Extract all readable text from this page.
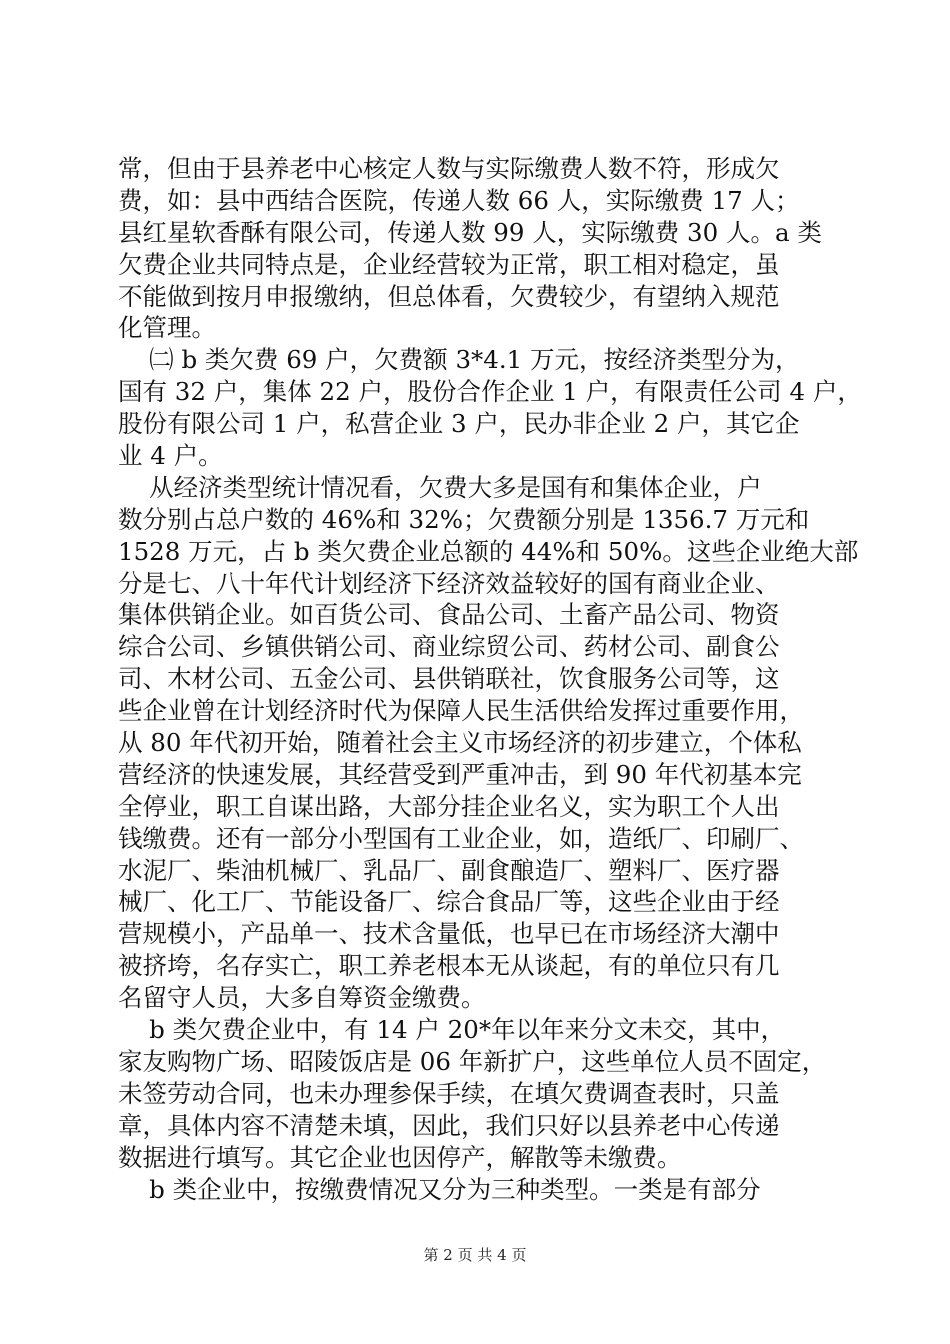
常，但由于县养老中心核定人数与实际缴费人数不符，形成欠
费，如：县中西结合医院，传递人数 66 人，实际缴费 17 人；
县红星软香酥有限公司，传递人数 99 人，实际缴费 30 人。a 类
欠费企业共同特点是，企业经营较为正常，职工相对稳定，虽
不能做到按月申报缴纳，但总体看，欠费较少，有望纳入规范
化管理。
㈡ b 类欠费 69 户，欠费额 3*4.1 万元，按经济类型分为，
国有 32 户，集体 22 户，股份合作企业 1 户，有限责任公司 4 户，
股份有限公司 1 户，私营企业 3 户，民办非企业 2 户，其它企
业 4 户。
从经济类型统计情况看，欠费大多是国有和集体企业，户
数分别占总户数的 46%和 32%；欠费额分别是 1356.7 万元和
1528 万元，占 b 类欠费企业总额的 44%和 50%。这些企业绝大部
分是七、八十年代计划经济下经济效益较好的国有商业企业、
集体供销企业。如百货公司、食品公司、土畜产品公司、物资
综合公司、乡镇供销公司、商业综贸公司、药材公司、副食公
司、木材公司、五金公司、县供销联社，饮食服务公司等，这
些企业曾在计划经济时代为保障人民生活供给发挥过重要作用，
从 80 年代初开始，随着社会主义市场经济的初步建立，个体私
营经济的快速发展，其经营受到严重冲击，到 90 年代初基本完
全停业，职工自谋出路，大部分挂企业名义，实为职工个人出
钱缴费。还有一部分小型国有工业企业，如，造纸厂、印刷厂、
水泥厂、柴油机械厂、乳品厂、副食酿造厂、塑料厂、医疗器
械厂、化工厂、节能设备厂、综合食品厂等，这些企业由于经
营规模小，产品单一、技术含量低，也早已在市场经济大潮中
被挤垮，名存实亡，职工养老根本无从谈起，有的单位只有几
名留守人员，大多自筹资金缴费。
b 类欠费企业中，有 14 户 20*年以年来分文未交，其中，
家友购物广场、昭陵饭店是 06 年新扩户，这些单位人员不固定，
未签劳动合同，也未办理参保手续，在填欠费调查表时，只盖
章，具体内容不清楚未填，因此，我们只好以县养老中心传递
数据进行填写。其它企业也因停产，解散等未缴费。
b 类企业中，按缴费情况又分为三种类型。一类是有部分
第 2 页 共 4 页
